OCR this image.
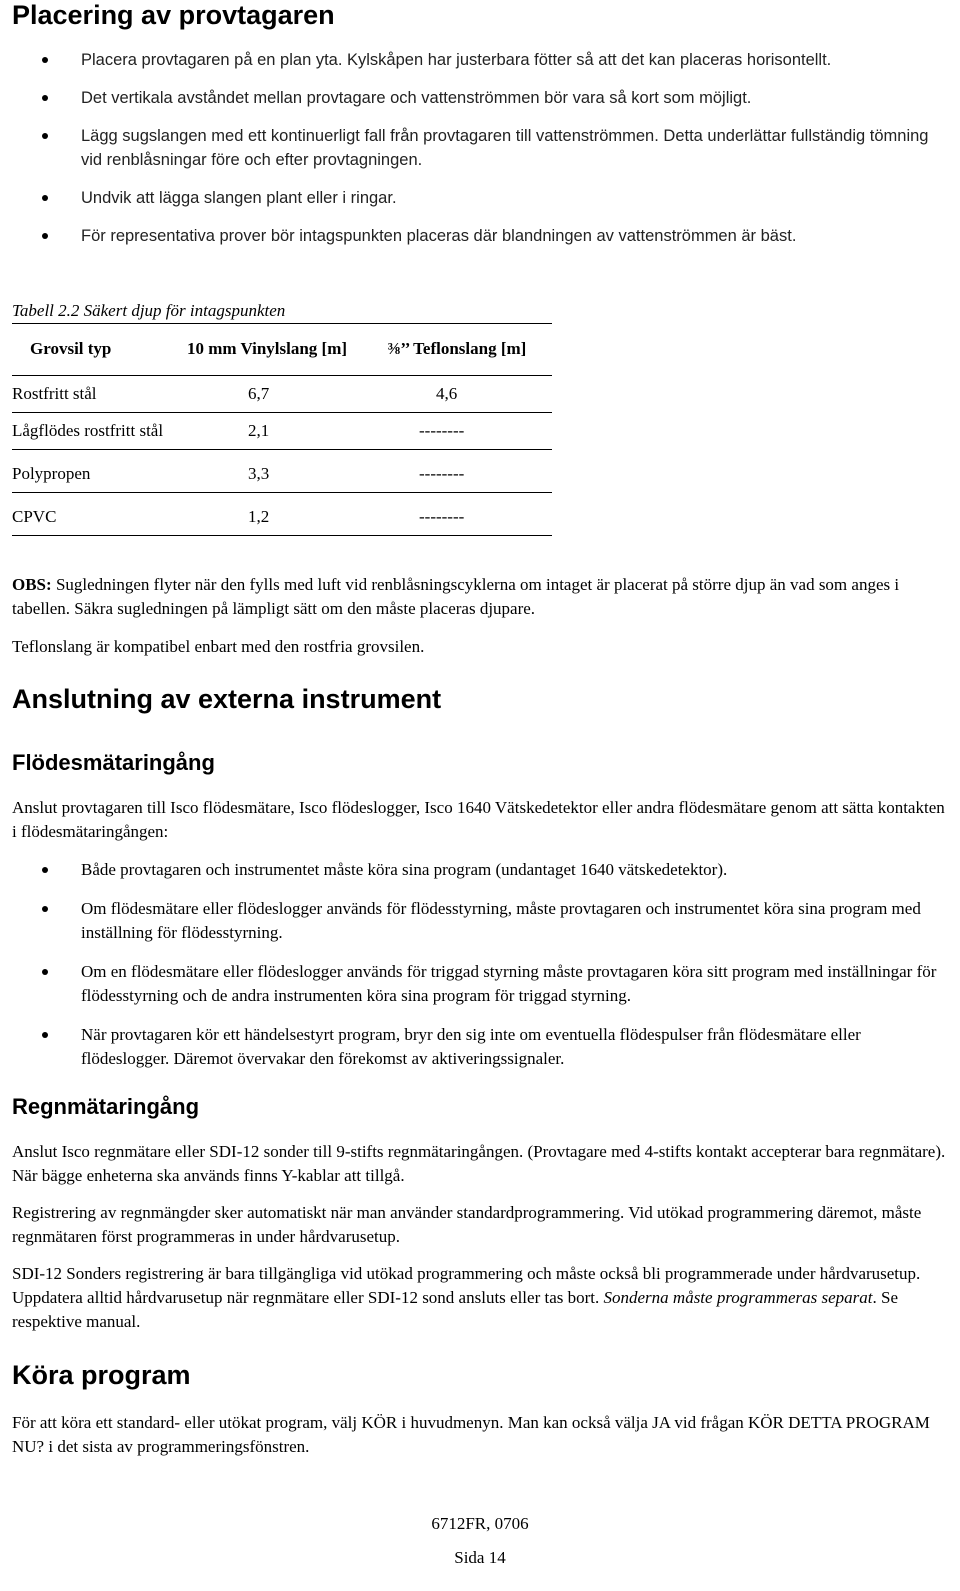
Placering av provtagaren
Placera provtagaren på en plan yta. Kylskåpen har justerbara fötter så att det kan placeras horisontellt.
Det vertikala avståndet mellan provtagare och vattenströmmen bör vara så kort som möjligt.
Lägg sugslangen med ett kontinuerligt fall från provtagaren till vattenströmmen. Detta underlättar fullständig tömning vid renblåsningar före och efter provtagningen.
Undvik att lägga slangen plant eller i ringar.
För representativa prover bör intagspunkten placeras där blandningen av vattenströmmen är bäst.

Tabell 2.2 Säkert djup för intagspunkten

Grovsil typ	10 mm Vinylslang [m]	⅜’’ Teflonslang [m]
Rostfritt stål	6,7	4,6
Lågflödes rostfritt stål	2,1	--------
Polypropen	3,3	--------
CPVC	1,2	--------

OBS: Sugledningen flyter när den fylls med luft vid renblåsningscyklerna om intaget är placerat på större djup än vad som anges i tabellen. Säkra sugledningen på lämpligt sätt om den måste placeras djupare.

Teflonslang är kompatibel enbart med den rostfria grovsilen.

Anslutning av externa instrument
Flödesmätaringång

Anslut provtagaren till Isco flödesmätare, Isco flödeslogger, Isco 1640 Vätskedetektor eller andra flödesmätare genom att sätta kontakten i flödesmätaringången:

Både provtagaren och instrumentet måste köra sina program (undantaget 1640 vätskedetektor).
Om flödesmätare eller flödeslogger används för flödesstyrning, måste provtagaren och instrumentet köra sina program med inställning för flödesstyrning.
Om en flödesmätare eller flödeslogger används för triggad styrning måste provtagaren köra sitt program med inställningar för flödesstyrning och de andra instrumenten köra sina program för triggad styrning.
När provtagaren kör ett händelsestyrt program, bryr den sig inte om eventuella flödespulser från flödesmätare eller flödeslogger. Däremot övervakar den förekomst av aktiveringssignaler.
Regnmätaringång

Anslut Isco regnmätare eller SDI-12 sonder till 9-stifts regnmätaringången. (Provtagare med 4-stifts kontakt accepterar bara regnmätare). När bägge enheterna ska används finns Y-kablar att tillgå.

Registrering av regnmängder sker automatiskt när man använder standardprogrammering. Vid utökad programmering däremot, måste regnmätaren först programmeras in under hårdvarusetup.

SDI-12 Sonders registrering är bara tillgängliga vid utökad programmering och måste också bli programmerade under hårdvarusetup. Uppdatera alltid hårdvarusetup när regnmätare eller SDI-12 sond ansluts eller tas bort. Sonderna måste programmeras separat. Se respektive manual.

Köra program

För att köra ett standard- eller utökat program, välj KÖR i huvudmenyn. Man kan också välja JA vid frågan KÖR DETTA PROGRAM NU? i det sista av programmeringsfönstren.

6712FR, 0706
Sida 14
